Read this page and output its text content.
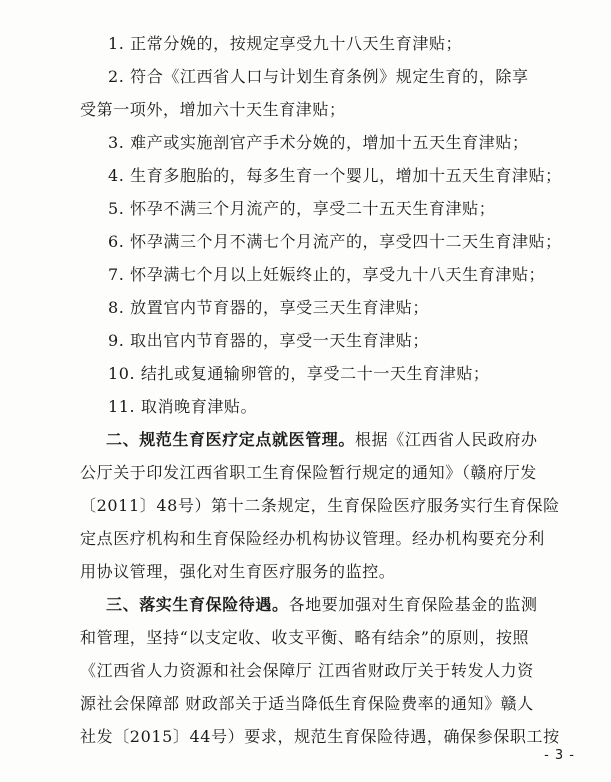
1. 正常分娩的，按规定享受九十八天生育津贴；
2. 符合《江西省人口与计划生育条例》规定生育的，除享
受第一项外，增加六十天生育津贴；
3. 难产或实施剖官产手术分娩的，增加十五天生育津贴；
4. 生育多胞胎的，每多生育一个婴儿，增加十五天生育津贴；
5. 怀孕不满三个月流产的，享受二十五天生育津贴；
6. 怀孕满三个月不满七个月流产的，享受四十二天生育津贴；
7. 怀孕满七个月以上妊娠终止的，享受九十八天生育津贴；
8. 放置官内节育器的，享受三天生育津贴；
9. 取出官内节育器的，享受一天生育津贴；
10. 结扎或复通输卵管的，享受二十一天生育津贴；
11. 取消晚育津贴。
二、规范生育医疗定点就医管理。根据《江西省人民政府办
公厅关于印发江西省职工生育保险暂行规定的通知》（赣府厅发
〔2011〕48号）第十二条规定，生育保险医疗服务实行生育保险
定点医疗机构和生育保险经办机构协议管理。经办机构要充分利
用协议管理，强化对生育医疗服务的监控。
三、落实生育保险待遇。各地要加强对生育保险基金的监测
和管理，坚持“以支定收、收支平衡、略有结余”的原则，按照
《江西省人力资源和社会保障厅 江西省财政厅关于转发人力资
源社会保障部 财政部关于适当降低生育保险费率的通知》赣人
社发〔2015〕44号）要求，规范生育保险待遇，确保参保职工按
- 3 -
